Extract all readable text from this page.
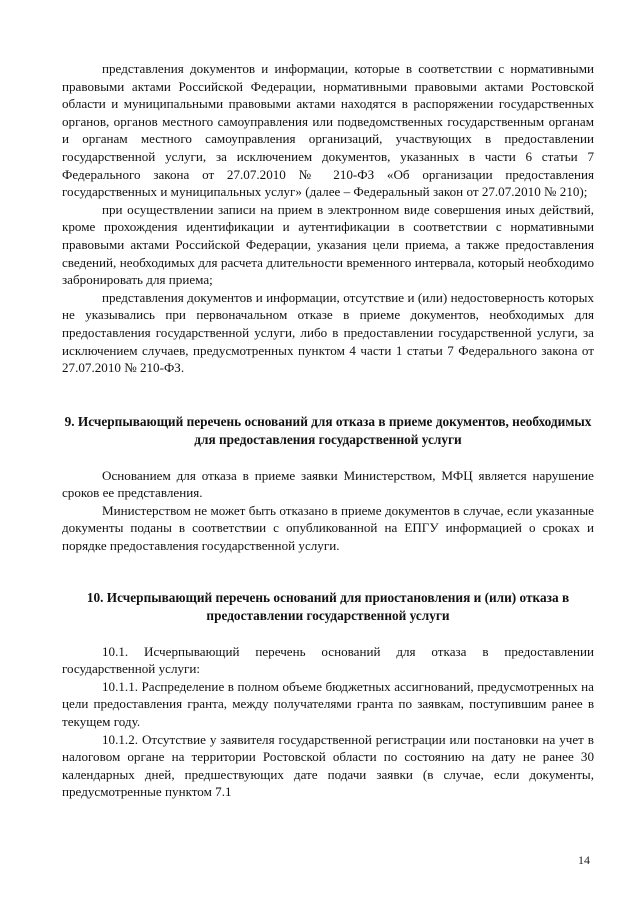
представления документов и информации, которые в соответствии с нормативными правовыми актами Российской Федерации, нормативными правовыми актами Ростовской области и муниципальными правовыми актами находятся в распоряжении государственных органов, органов местного самоуправления или подведомственных государственным органам и органам местного самоуправления организаций, участвующих в предоставлении государственной услуги, за исключением документов, указанных в части 6 статьи 7 Федерального закона от 27.07.2010 № 210-ФЗ «Об организации предоставления государственных и муниципальных услуг» (далее – Федеральный закон от 27.07.2010 № 210);

при осуществлении записи на прием в электронном виде совершения иных действий, кроме прохождения идентификации и аутентификации в соответствии с нормативными правовыми актами Российской Федерации, указания цели приема, а также предоставления сведений, необходимых для расчета длительности временного интервала, который необходимо забронировать для приема;

представления документов и информации, отсутствие и (или) недостоверность которых не указывались при первоначальном отказе в приеме документов, необходимых для предоставления государственной услуги, либо в предоставлении государственной услуги, за исключением случаев, предусмотренных пунктом 4 части 1 статьи 7 Федерального закона от 27.07.2010 № 210-ФЗ.

9. Исчерпывающий перечень оснований для отказа в приеме документов, необходимых для предоставления государственной услуги

Основанием для отказа в приеме заявки Министерством, МФЦ является нарушение сроков ее представления.

Министерством не может быть отказано в приеме документов в случае, если указанные документы поданы в соответствии с опубликованной на ЕПГУ информацией о сроках и порядке предоставления государственной услуги.

10. Исчерпывающий перечень оснований для приостановления и (или) отказа в предоставлении государственной услуги

10.1. Исчерпывающий перечень оснований для отказа в предоставлении государственной услуги:

10.1.1. Распределение в полном объеме бюджетных ассигнований, предусмотренных на цели предоставления гранта, между получателями гранта по заявкам, поступившим ранее в текущем году.

10.1.2. Отсутствие у заявителя государственной регистрации или постановки на учет в налоговом органе на территории Ростовской области по состоянию на дату не ранее 30 календарных дней, предшествующих дате подачи заявки (в случае, если документы, предусмотренные пунктом 7.1

14
